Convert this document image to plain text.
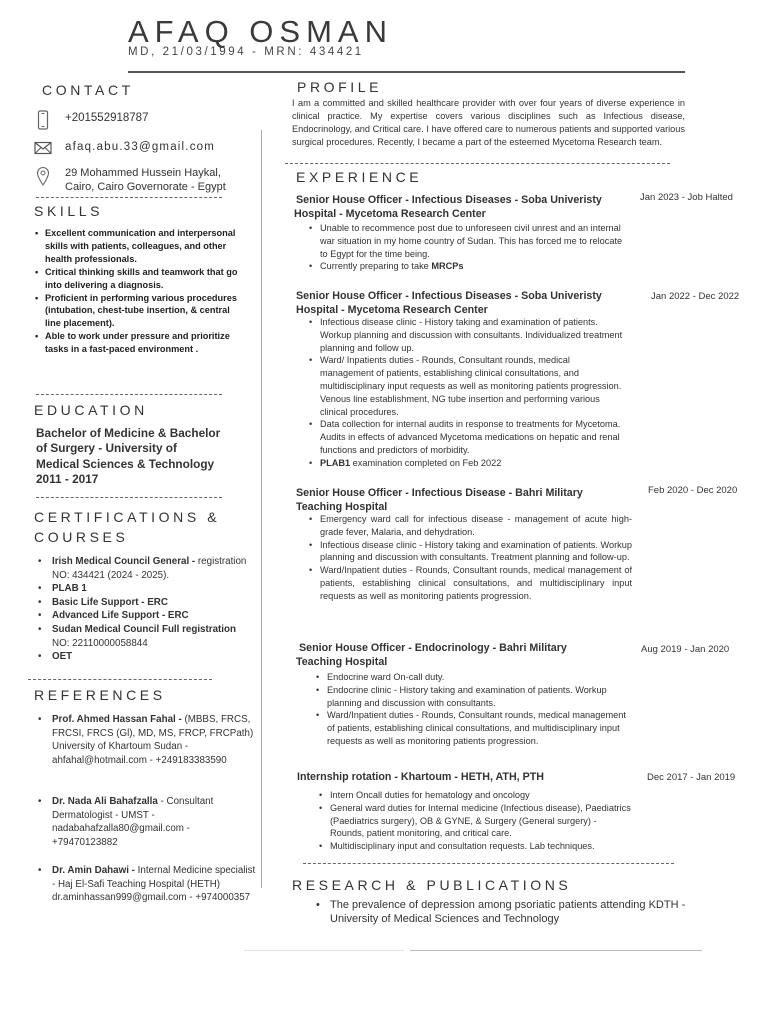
AFAQ OSMAN
MD, 21/03/1994 - MRN: 434421
CONTACT
+201552918787
afaq.abu.33@gmail.com
29 Mohammed Hussein Haykal,
Cairo, Cairo Governorate - Egypt
SKILLS
• Excellent communication and interpersonal skills with patients, colleagues, and other health professionals.
• Critical thinking skills and teamwork that go into delivering a diagnosis.
• Proficient in performing various procedures (intubation, chest-tube insertion, & central line placement).
• Able to work under pressure and prioritize tasks in a fast-paced environment .
EDUCATION
Bachelor of Medicine & Bachelor
of Surgery - University of
Medical Sciences & Technology
2011 - 2017
CERTIFICATIONS &
COURSES
• Irish Medical Council General - registration NO: 434421 (2024 - 2025).
• PLAB 1
• Basic Life Support - ERC
• Advanced Life Support - ERC
• Sudan Medical Council Full registration NO: 22110000058844
• OET
REFERENCES
• Prof. Ahmed Hassan Fahal - (MBBS, FRCS, FRCSI, FRCS (Gl), MD, MS, FRCP, FRCPath) University of Khartoum Sudan - ahfahal@hotmail.com - +249183383590
• Dr. Nada Ali Bahafzalla - Consultant Dermatologist - UMST - nadabahafzalla80@gmail.com - +79470123882
• Dr. Amin Dahawi - Internal Medicine specialist - Haj El-Safi Teaching Hospital (HETH) dr.aminhassan999@gmail.com - +974000357
PROFILE
I am a committed and skilled healthcare provider with over four years of diverse experience in clinical practice. My expertise covers various disciplines such as Infectious disease, Endocrinology, and Critical care. I have offered care to numerous patients and supported various surgical procedures. Recently, I became a part of the esteemed Mycetoma Research team.
EXPERIENCE
Senior House Officer - Infectious Diseases - Soba Univeristy
Hospital - Mycetoma Research Center
Jan 2023 - Job Halted
• Unable to recommence post due to unforeseen civil unrest and an internal war situation in my home country of Sudan. This has forced me to relocate to Egypt for the time being.
• Currently preparing to take MRCPs
Senior House Officer - Infectious Diseases - Soba Univeristy
Hospital - Mycetoma Research Center
Jan 2022 - Dec 2022
• Infectious disease clinic - History taking and examination of patients. Workup planning and discussion with consultants. Individualized treatment planning and follow up.
• Ward/ Inpatients duties - Rounds, Consultant rounds, medical management of patients, establishing clinical consultations, and multidisciplinary input requests as well as monitoring patients progression. Venous line establishment, NG tube insertion and performing various clinical procedures.
• Data collection for internal audits in response to treatments for Mycetoma. Audits in effects of advanced Mycetoma medications on hepatic and renal functions and predictors of morbidity.
• PLAB1 examination completed on Feb 2022
Senior House Officer - Infectious Disease - Bahri Military
Teaching Hospital
Feb 2020 - Dec 2020
• Emergency ward call for infectious disease - management of acute high-grade fever, Malaria, and dehydration.
• Infectious disease clinic - History taking and examination of patients. Workup planning and discussion with consultants. Treatment planning and follow-up.
• Ward/Inpatient duties - Rounds, Consultant rounds, medical management of patients, establishing clinical consultations, and multidisciplinary input requests as well as monitoring patients progression.
Senior House Officer - Endocrinology - Bahri Military
Teaching Hospital
Aug 2019 - Jan 2020
• Endocrine ward On-call duty.
• Endocrine clinic - History taking and examination of patients. Workup planning and discussion with consultants.
• Ward/Inpatient duties - Rounds, Consultant rounds, medical management of patients, establishing clinical consultations, and multidisciplinary input requests as well as monitoring patients progression.
Internship rotation - Khartoum - HETH, ATH, PTH	Dec 2017 - Jan 2019
• Intern Oncall duties for hematology and oncology
• General ward duties for Internal medicine (Infectious disease), Paediatrics (Paediatrics surgery), OB & GYNE, & Surgery (General surgery) - Rounds, patient monitoring, and critical care.
• Multidisciplinary input and consultation requests. Lab techniques.
RESEARCH & PUBLICATIONS
• The prevalence of depression among psoriatic patients attending KDTH - University of Medical Sciences and Technology
